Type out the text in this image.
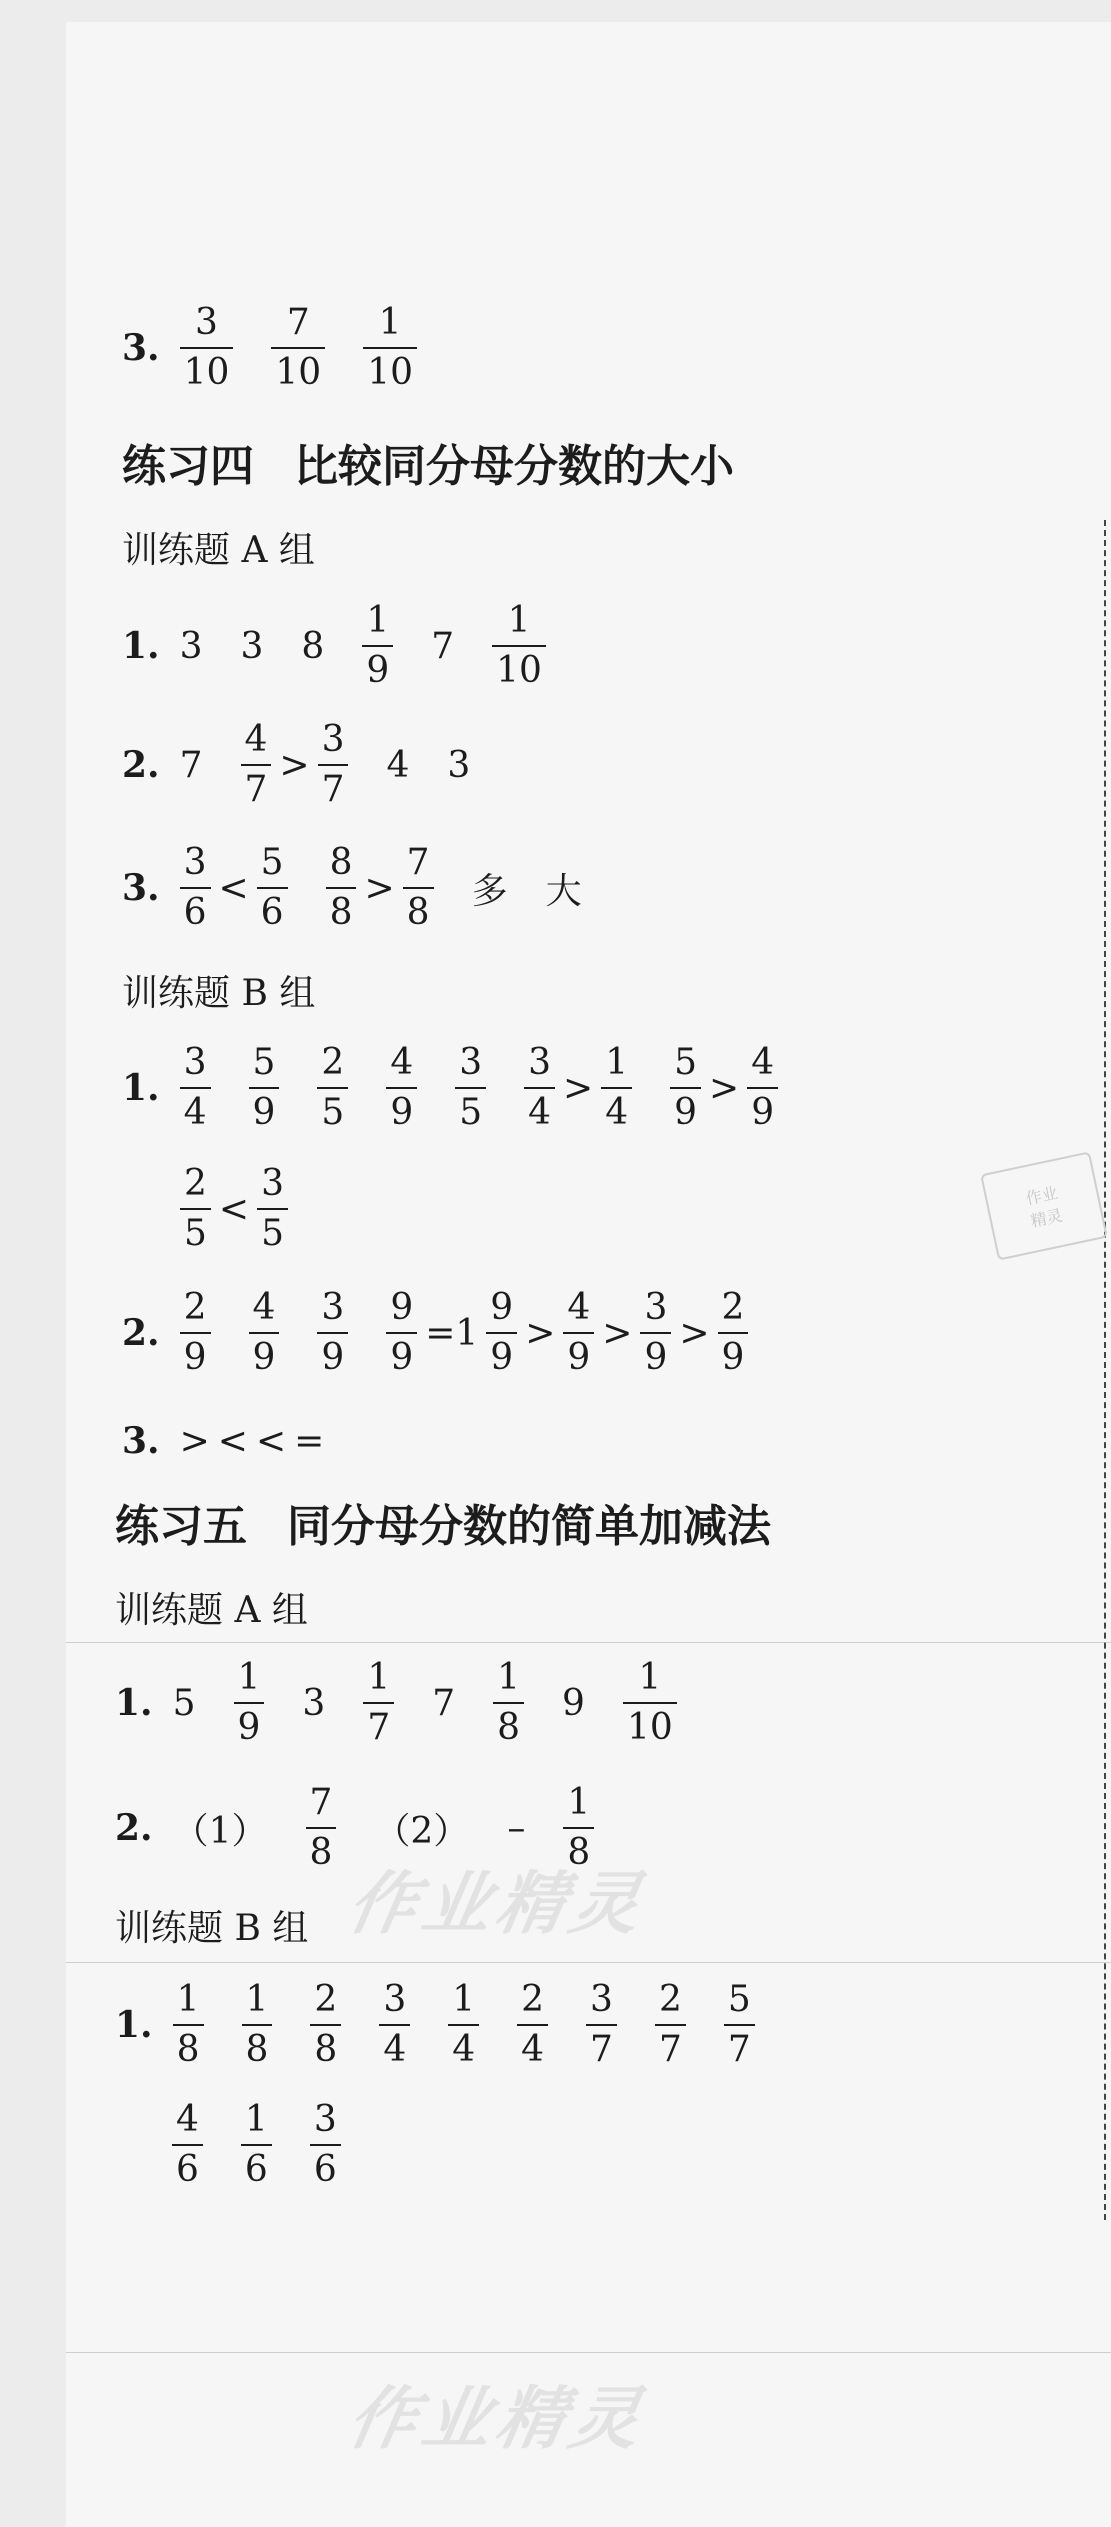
3. $\frac{3}{10} \frac{7}{10} \frac{1}{10}$
练习四 比较同分母分数的大小
训练题 A 组
1. 3 3 $8 \frac{1}{9} 7 \frac{1}{10}$
2. $7 \frac{4}{7} > \frac{3}{7} 4$ 3
3. $\frac{3}{6} < \frac{5}{6} \frac{8}{8} > \frac{7}{8}$ 多 大
训练题 B 组
1. $\frac{3}{4} \frac{5}{9} \frac{2}{5} \frac{4}{9} \frac{3}{5} \frac{3}{4} > \frac{1}{4} \frac{5}{9} > \frac{4}{9}$
$\frac{2}{5} < \frac{3}{5}$
2. $\frac{2}{9} \frac{4}{9} \frac{3}{9} \frac{9}{9} =1 \frac{9}{9} > \frac{4}{9} > \frac{3}{9} > \frac{2}{9}$
3. > < < =
练习五 同分母分数的简单加减法
训练题 A 组
1. $5 \frac{1}{9} 3 \frac{1}{7} 7 \frac{1}{8} 9 \frac{1}{10}$
2. $(1) \frac{7}{8} (2) - \frac{1}{8}$
训练题 B 组
1. $\frac{1}{8} \frac{1}{8} \frac{2}{8} \frac{3}{4} \frac{1}{4} \frac{2}{4} \frac{3}{7} \frac{2}{7} \frac{5}{7}$
$\frac{4}{6} \frac{1}{6} \frac{3}{6}$
作业精灵
作业精灵
作业
精灵
